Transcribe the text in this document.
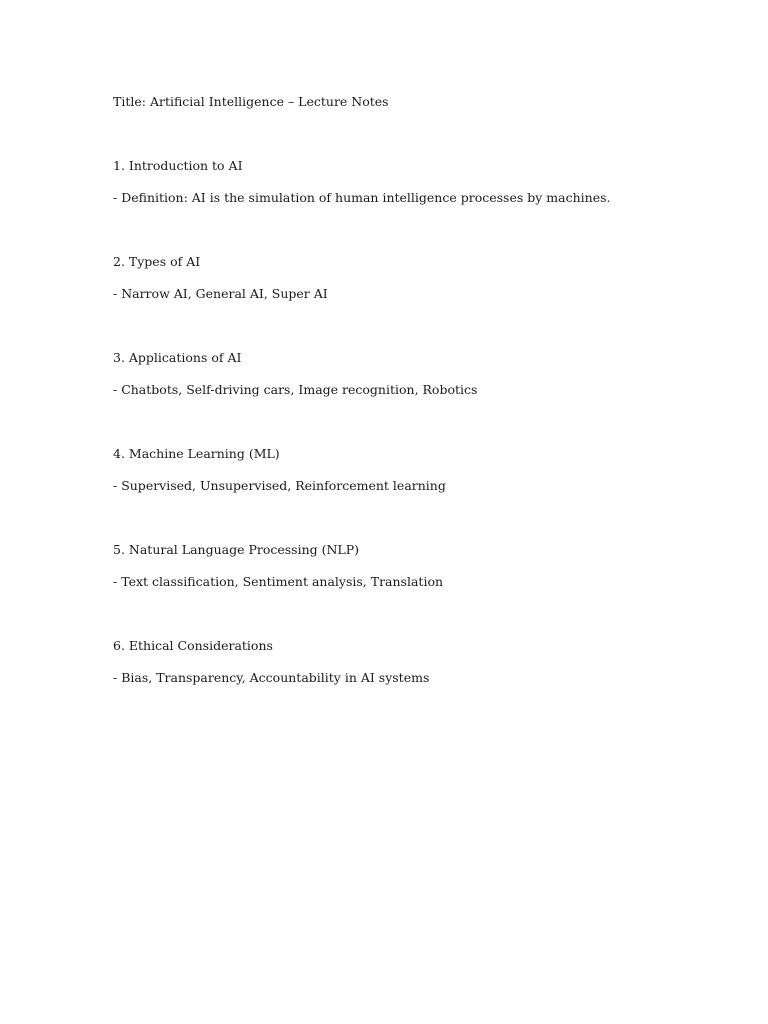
Title: Artificial Intelligence – Lecture Notes

1. Introduction to AI

- Definition: AI is the simulation of human intelligence processes by machines.

2. Types of AI

- Narrow AI, General AI, Super AI

3. Applications of AI

- Chatbots, Self-driving cars, Image recognition, Robotics

4. Machine Learning (ML)

- Supervised, Unsupervised, Reinforcement learning

5. Natural Language Processing (NLP)

- Text classification, Sentiment analysis, Translation

6. Ethical Considerations

- Bias, Transparency, Accountability in AI systems
